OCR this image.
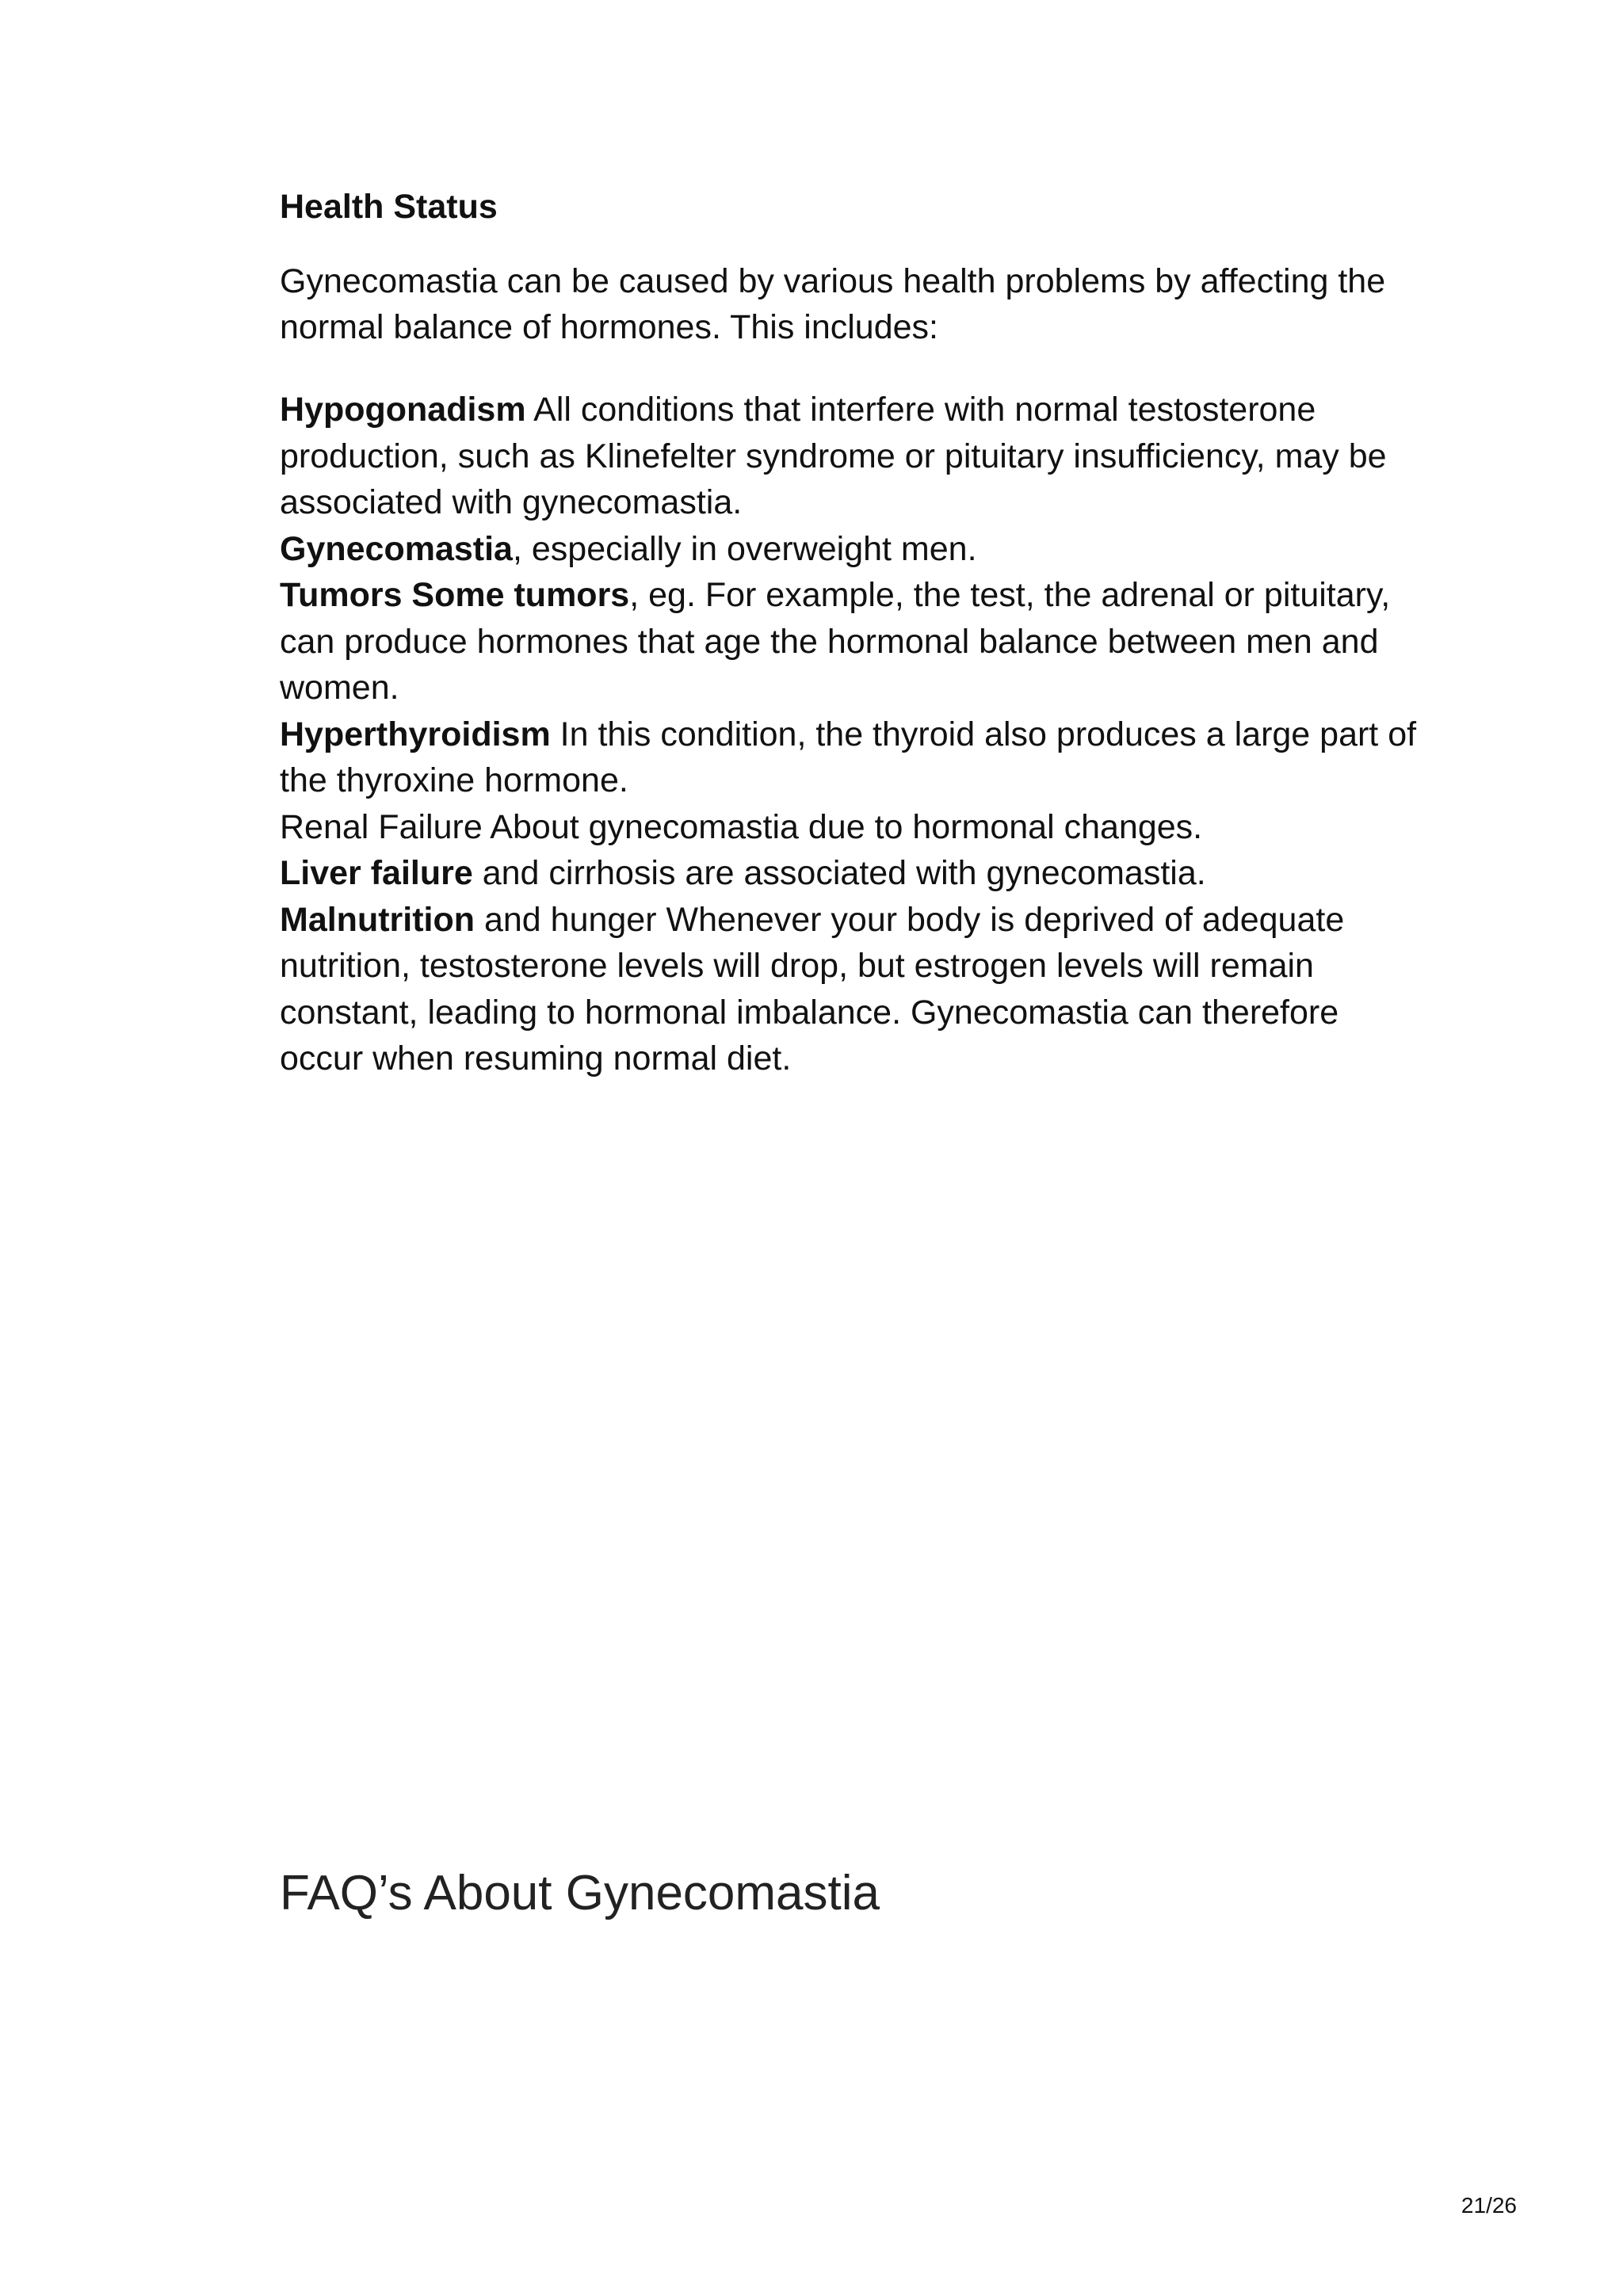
Health Status

Gynecomastia can be caused by various health problems by affecting the normal balance of hormones. This includes:

Hypogonadism All conditions that interfere with normal testosterone production, such as Klinefelter syndrome or pituitary insufficiency, may be associated with gynecomastia.

Gynecomastia, especially in overweight men.

Tumors Some tumors, eg. For example, the test, the adrenal or pituitary, can produce hormones that age the hormonal balance between men and women.

Hyperthyroidism In this condition, the thyroid also produces a large part of the thyroxine hormone.

Renal Failure About gynecomastia due to hormonal changes.

Liver failure and cirrhosis are associated with gynecomastia.

Malnutrition and hunger Whenever your body is deprived of adequate nutrition, testosterone levels will drop, but estrogen levels will remain constant, leading to hormonal imbalance. Gynecomastia can therefore occur when resuming normal diet.

FAQ’s About Gynecomastia
21/26
